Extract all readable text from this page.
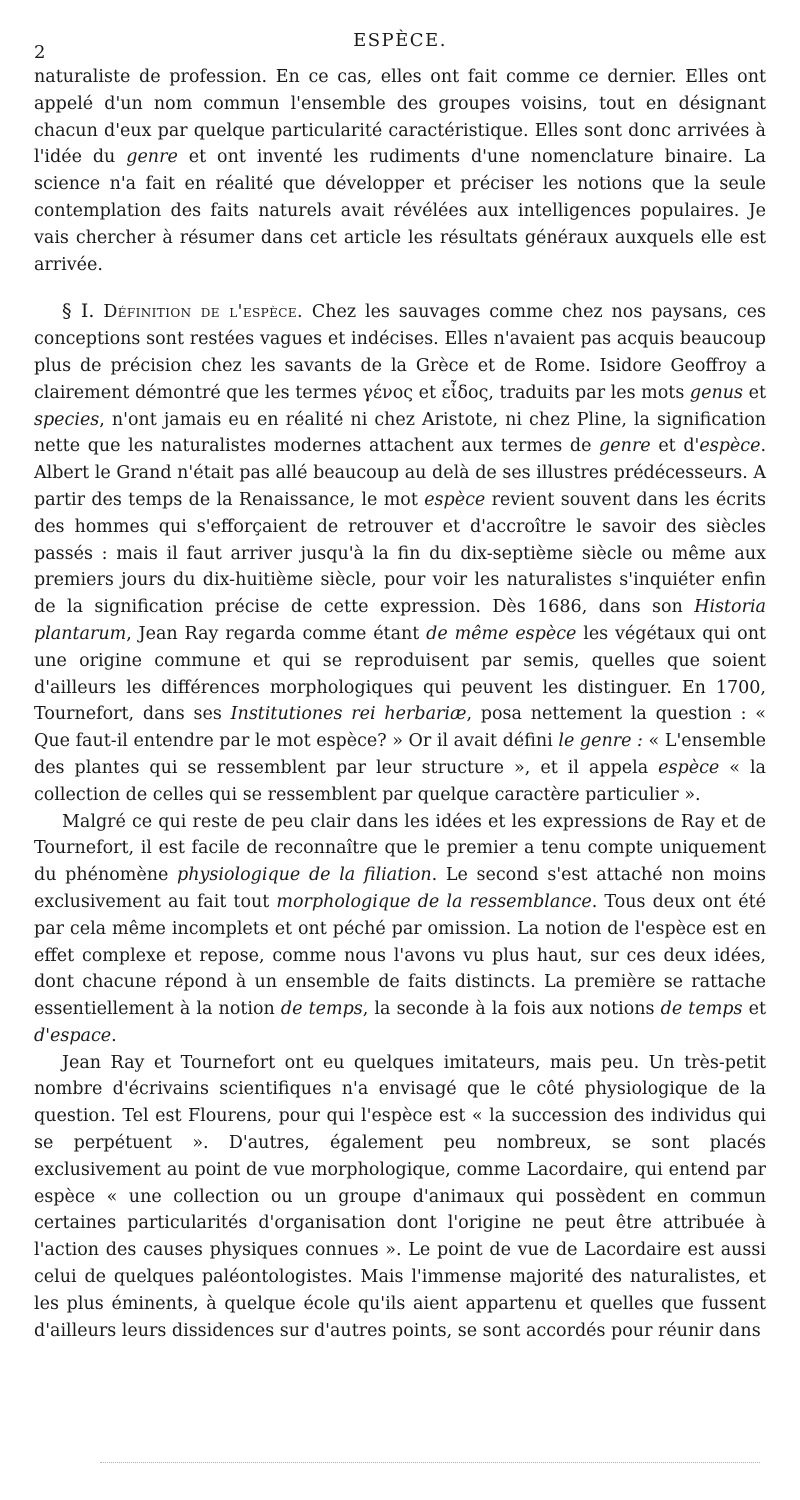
2
ESPÈCE.

naturaliste de profession. En ce cas, elles ont fait comme ce dernier. Elles ont appelé d'un nom commun l'ensemble des groupes voisins, tout en désignant chacun d'eux par quelque particularité caractéristique. Elles sont donc arrivées à l'idée du genre et ont inventé les rudiments d'une nomenclature binaire. La science n'a fait en réalité que développer et préciser les notions que la seule contemplation des faits naturels avait révélées aux intelligences populaires. Je vais chercher à résumer dans cet article les résultats généraux auxquels elle est arrivée.

§ I. Définition de l'espèce. Chez les sauvages comme chez nos paysans, ces conceptions sont restées vagues et indécises. Elles n'avaient pas acquis beaucoup plus de précision chez les savants de la Grèce et de Rome. Isidore Geoffroy a clairement démontré que les termes γένος et εἶδος, traduits par les mots genus et species, n'ont jamais eu en réalité ni chez Aristote, ni chez Pline, la signification nette que les naturalistes modernes attachent aux termes de genre et d'espèce. Albert le Grand n'était pas allé beaucoup au delà de ses illustres prédécesseurs. A partir des temps de la Renaissance, le mot espèce revient souvent dans les écrits des hommes qui s'efforçaient de retrouver et d'accroître le savoir des siècles passés : mais il faut arriver jusqu'à la fin du dix-septième siècle ou même aux premiers jours du dix-huitième siècle, pour voir les naturalistes s'inquiéter enfin de la signification précise de cette expression. Dès 1686, dans son Historia plantarum, Jean Ray regarda comme étant de même espèce les végétaux qui ont une origine commune et qui se reproduisent par semis, quelles que soient d'ailleurs les différences morphologiques qui peuvent les distinguer. En 1700, Tournefort, dans ses Institutiones rei herbariæ, posa nettement la question : « Que faut-il entendre par le mot espèce? » Or il avait défini le genre : « L'ensemble des plantes qui se ressemblent par leur structure », et il appela espèce « la collection de celles qui se ressemblent par quelque caractère particulier ».

Malgré ce qui reste de peu clair dans les idées et les expressions de Ray et de Tournefort, il est facile de reconnaître que le premier a tenu compte uniquement du phénomène physiologique de la filiation. Le second s'est attaché non moins exclusivement au fait tout morphologique de la ressemblance. Tous deux ont été par cela même incomplets et ont péché par omission. La notion de l'espèce est en effet complexe et repose, comme nous l'avons vu plus haut, sur ces deux idées, dont chacune répond à un ensemble de faits distincts. La première se rattache essentiellement à la notion de temps, la seconde à la fois aux notions de temps et d'espace.

Jean Ray et Tournefort ont eu quelques imitateurs, mais peu. Un très-petit nombre d'écrivains scientifiques n'a envisagé que le côté physiologique de la question. Tel est Flourens, pour qui l'espèce est « la succession des individus qui se perpétuent ». D'autres, également peu nombreux, se sont placés exclusivement au point de vue morphologique, comme Lacordaire, qui entend par espèce « une collection ou un groupe d'animaux qui possèdent en commun certaines particularités d'organisation dont l'origine ne peut être attribuée à l'action des causes physiques connues ». Le point de vue de Lacordaire est aussi celui de quelques paléontologistes. Mais l'immense majorité des naturalistes, et les plus éminents, à quelque école qu'ils aient appartenu et quelles que fussent d'ailleurs leurs dissidences sur d'autres points, se sont accordés pour réunir dans
